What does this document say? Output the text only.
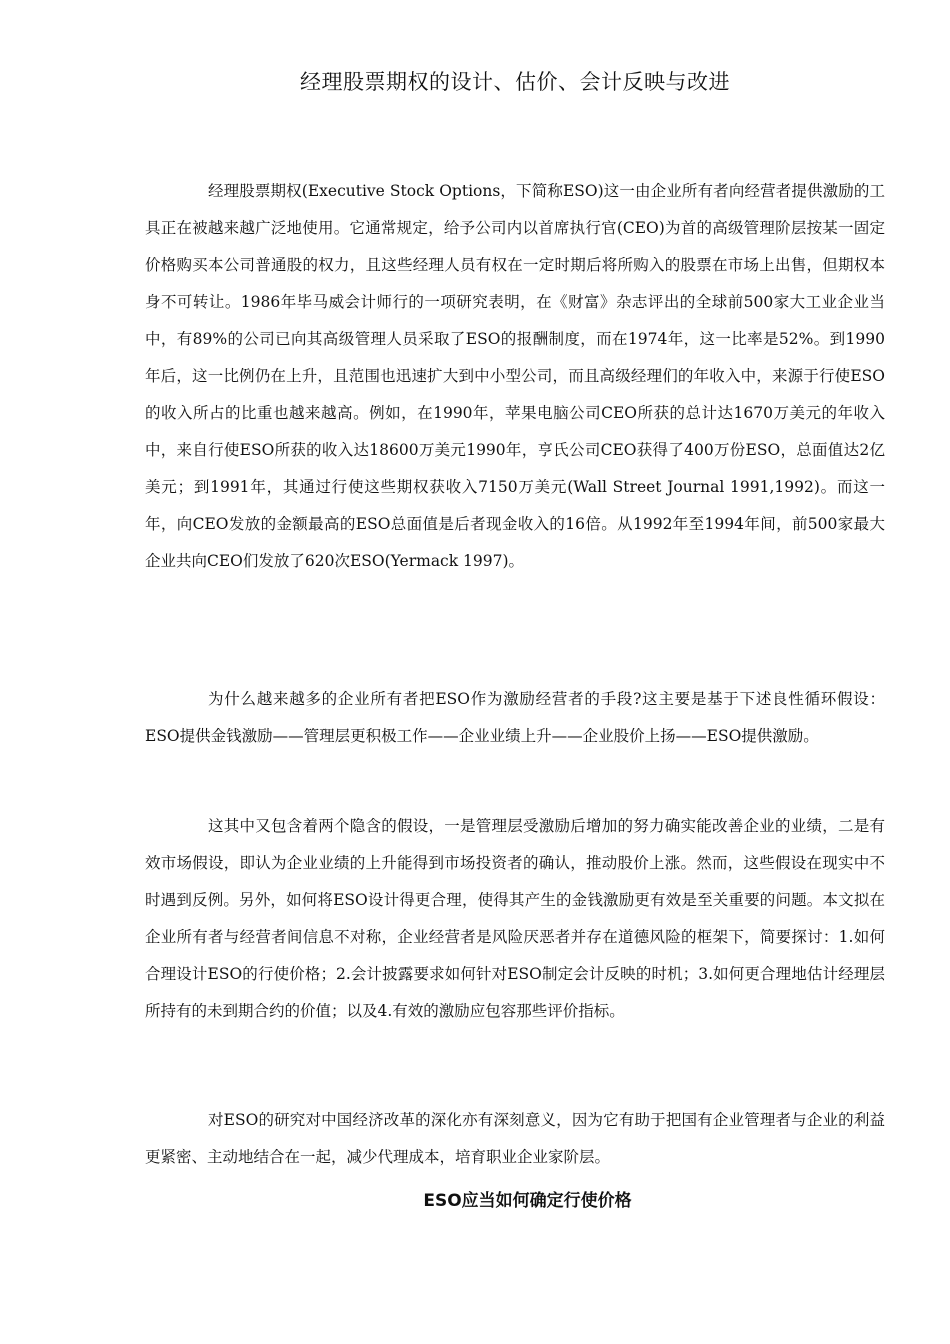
经理股票期权的设计、估价、会计反映与改进

经理股票期权(Executive Stock Options，下简称ESO)这一由企业所有者向经营者提供激励的工具正在被越来越广泛地使用。它通常规定，给予公司内以首席执行官(CEO)为首的高级管理阶层按某一固定价格购买本公司普通股的权力，且这些经理人员有权在一定时期后将所购入的股票在市场上出售，但期权本身不可转让。1986年毕马威会计师行的一项研究表明，在《财富》杂志评出的全球前500家大工业企业当中，有89%的公司已向其高级管理人员采取了ESO的报酬制度，而在1974年，这一比率是52%。到1990年后，这一比例仍在上升，且范围也迅速扩大到中小型公司，而且高级经理们的年收入中，来源于行使ESO的收入所占的比重也越来越高。例如，在1990年，苹果电脑公司CEO所获的总计达1670万美元的年收入中，来自行使ESO所获的收入达18600万美元1990年，亨氏公司CEO获得了400万份ESO，总面值达2亿美元；到1991年，其通过行使这些期权获收入7150万美元(Wall Street Journal 1991,1992)。而这一年，向CEO发放的金额最高的ESO总面值是后者现金收入的16倍。从1992年至1994年间，前500家最大企业共向CEO们发放了620次ESO(Yermack 1997)。

为什么越来越多的企业所有者把ESO作为激励经营者的手段?这主要是基于下述良性循环假设：ESO提供金钱激励——管理层更积极工作——企业业绩上升——企业股价上扬——ESO提供激励。

这其中又包含着两个隐含的假设，一是管理层受激励后增加的努力确实能改善企业的业绩，二是有效市场假设，即认为企业业绩的上升能得到市场投资者的确认，推动股价上涨。然而，这些假设在现实中不时遇到反例。另外，如何将ESO设计得更合理，使得其产生的金钱激励更有效是至关重要的问题。本文拟在企业所有者与经营者间信息不对称，企业经营者是风险厌恶者并存在道德风险的框架下，简要探讨：1.如何合理设计ESO的行使价格；2.会计披露要求如何针对ESO制定会计反映的时机；3.如何更合理地估计经理层所持有的未到期合约的价值；以及4.有效的激励应包容那些评价指标。

对ESO的研究对中国经济改革的深化亦有深刻意义，因为它有助于把国有企业管理者与企业的利益更紧密、主动地结合在一起，减少代理成本，培育职业企业家阶层。

ESO应当如何确定行使价格
